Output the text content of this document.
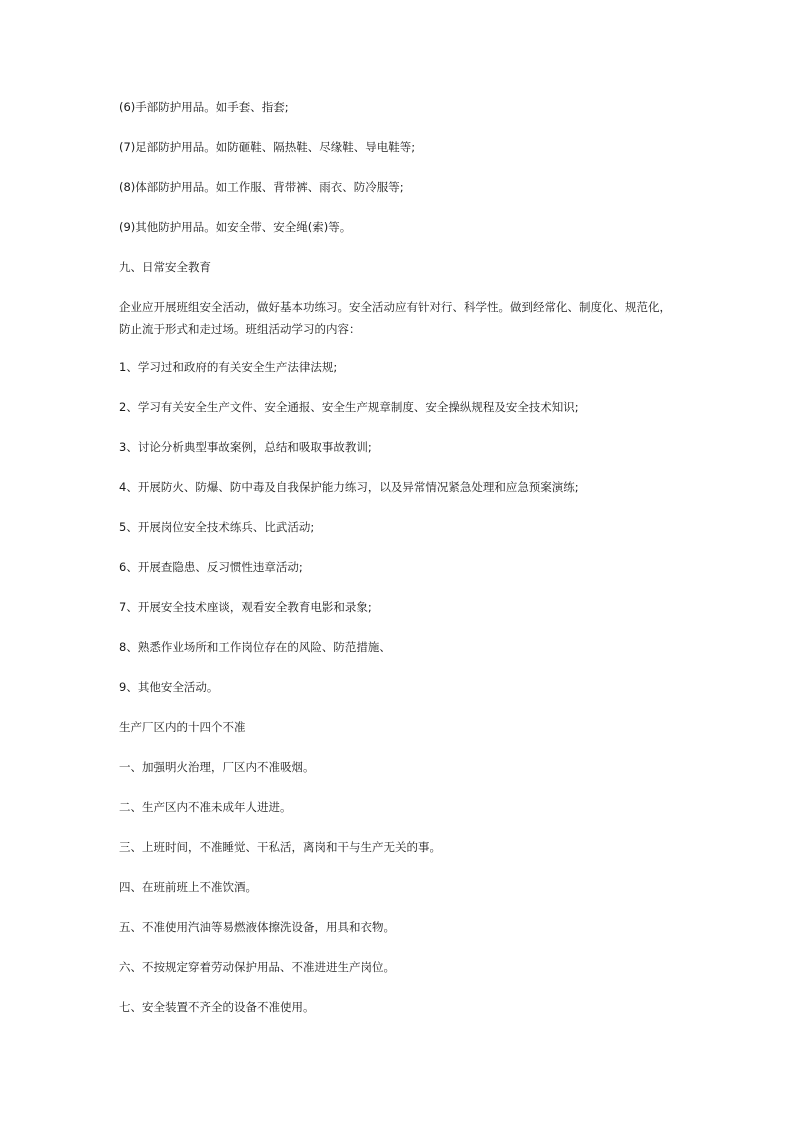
(6)手部防护用品。如手套、指套;

(7)足部防护用品。如防砸鞋、隔热鞋、尽缘鞋、导电鞋等;

(8)体部防护用品。如工作服、背带裤、雨衣、防冷服等;

(9)其他防护用品。如安全带、安全绳(索)等。

九、日常安全教育

企业应开展班组安全活动，做好基本功练习。安全活动应有针对行、科学性。做到经常化、制度化、规范化，防止流于形式和走过场。班组活动学习的内容：

1、学习过和政府的有关安全生产法律法规;

2、学习有关安全生产文件、安全通报、安全生产规章制度、安全操纵规程及安全技术知识;

3、讨论分析典型事故案例，总结和吸取事故教训;

4、开展防火、防爆、防中毒及自我保护能力练习，以及异常情况紧急处理和应急预案演练;

5、开展岗位安全技术练兵、比武活动;

6、开展查隐患、反习惯性违章活动;

7、开展安全技术座谈，观看安全教育电影和录象;

8、熟悉作业场所和工作岗位存在的风险、防范措施、

9、其他安全活动。

生产厂区内的十四个不准

一、加强明火治理，厂区内不准吸烟。

二、生产区内不准未成年人进进。

三、上班时间，不准睡觉、干私活，离岗和干与生产无关的事。

四、在班前班上不准饮酒。

五、不准使用汽油等易燃液体擦洗设备，用具和衣物。

六、不按规定穿着劳动保护用品、不准进进生产岗位。

七、安全装置不齐全的设备不准使用。
